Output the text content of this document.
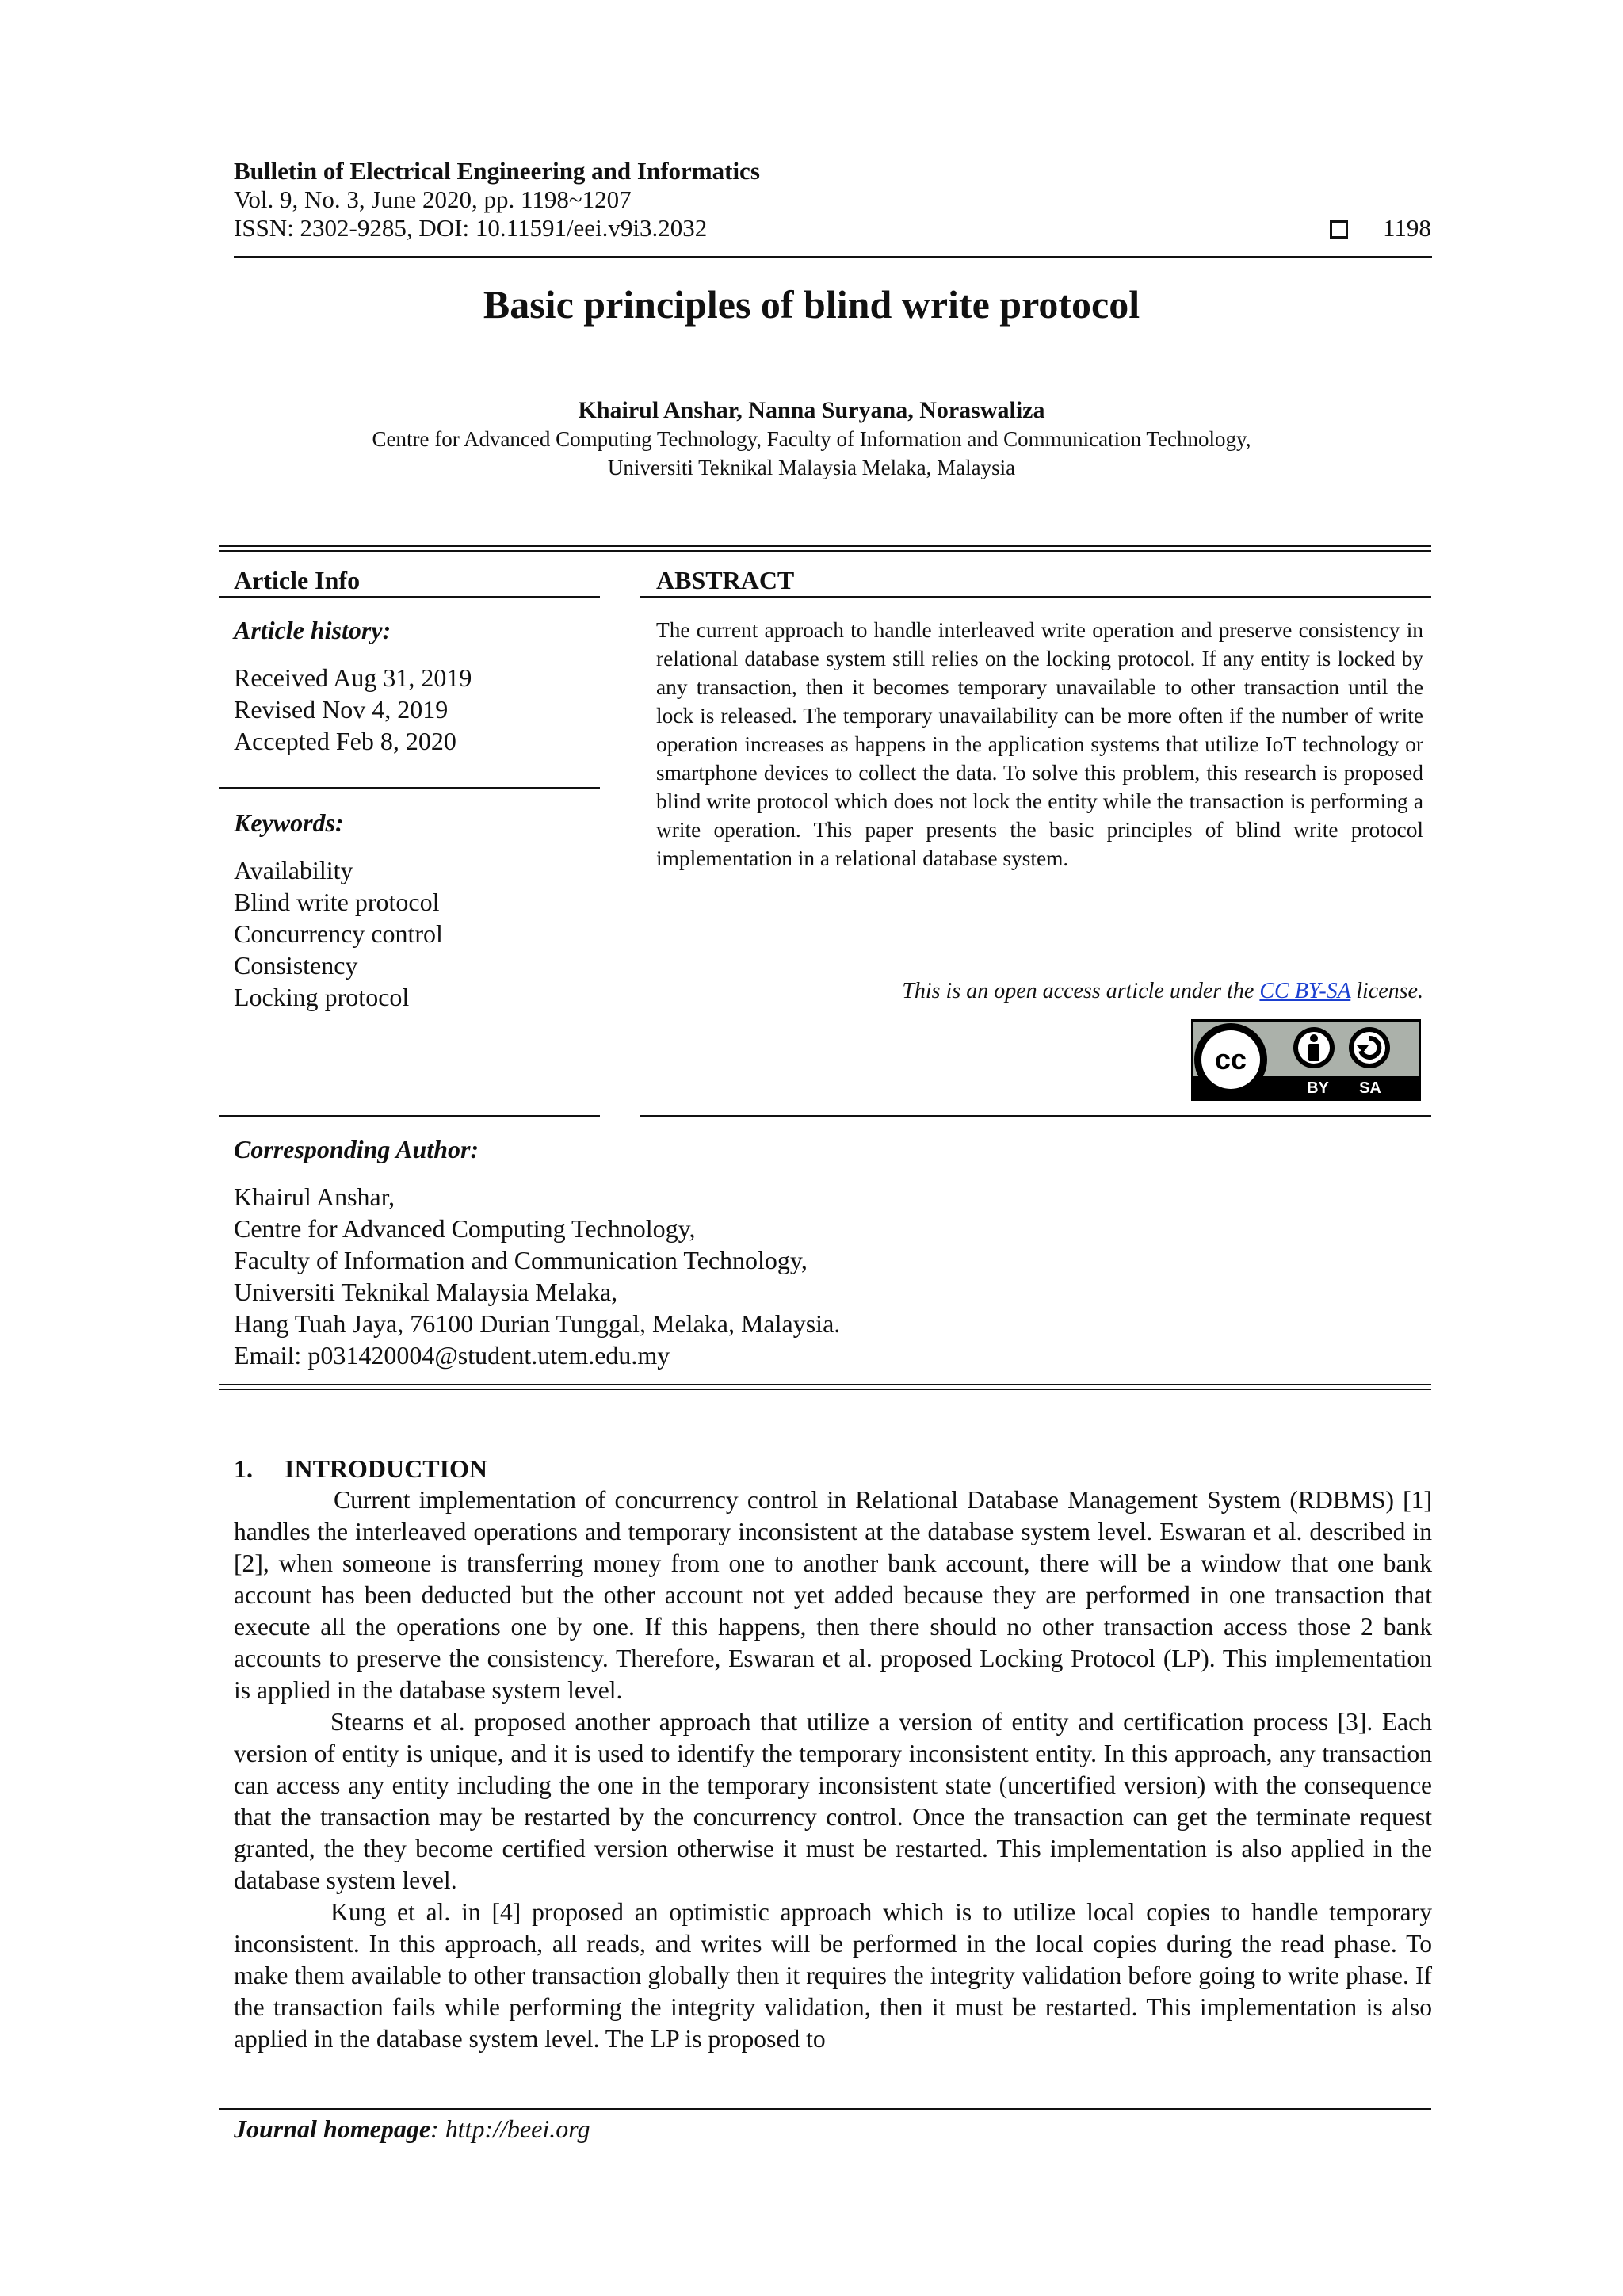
Bulletin of Electrical Engineering and Informatics
Vol. 9, No. 3, June 2020, pp. 1198~1207
ISSN: 2302-9285, DOI: 10.11591/eei.v9i3.2032	1198
Basic principles of blind write protocol
Khairul Anshar, Nanna Suryana, Noraswaliza
Centre for Advanced Computing Technology, Faculty of Information and Communication Technology,
Universiti Teknikal Malaysia Melaka, Malaysia
Article Info
Article history:
Received Aug 31, 2019
Revised Nov 4, 2019
Accepted Feb 8, 2020
Keywords:
Availability
Blind write protocol
Concurrency control
Consistency
Locking protocol
ABSTRACT

The current approach to handle interleaved write operation and preserve consistency in relational database system still relies on the locking protocol. If any entity is locked by any transaction, then it becomes temporary unavailable to other transaction until the lock is released. The temporary unavailability can be more often if the number of write operation increases as happens in the application systems that utilize IoT technology or smartphone devices to collect the data. To solve this problem, this research is proposed blind write protocol which does not lock the entity while the transaction is performing a write operation. This paper presents the basic principles of blind write protocol implementation in a relational database system.

This is an open access article under the CC BY-SA license.
cc
BY SA
Corresponding Author:
Khairul Anshar,
Centre for Advanced Computing Technology,
Faculty of Information and Communication Technology,
Universiti Teknikal Malaysia Melaka,
Hang Tuah Jaya, 76100 Durian Tunggal, Melaka, Malaysia.
Email: p031420004@student.utem.edu.my
1.     INTRODUCTION

Current implementation of concurrency control in Relational Database Management System (RDBMS) [1] handles the interleaved operations and temporary inconsistent at the database system level. Eswaran et al. described in [2], when someone is transferring money from one to another bank account, there will be a window that one bank account has been deducted but the other account not yet added because they are performed in one transaction that execute all the operations one by one. If this happens, then there should no other transaction access those 2 bank accounts to preserve the consistency. Therefore, Eswaran et al. proposed Locking Protocol (LP). This implementation is applied in the database system level.

Stearns et al. proposed another approach that utilize a version of entity and certification process [3]. Each version of entity is unique, and it is used to identify the temporary inconsistent entity. In this approach, any transaction can access any entity including the one in the temporary inconsistent state (uncertified version) with the consequence that the transaction may be restarted by the concurrency control. Once the transaction can get the terminate request granted, the they become certified version otherwise it must be restarted. This implementation is also applied in the database system level.

Kung et al. in [4] proposed an optimistic approach which is to utilize local copies to handle temporary inconsistent. In this approach, all reads, and writes will be performed in the local copies during the read phase. To make them available to other transaction globally then it requires the integrity validation before going to write phase. If the transaction fails while performing the integrity validation, then it must be restarted. This implementation is also applied in the database system level. The LP is proposed to

Journal homepage: http://beei.org
